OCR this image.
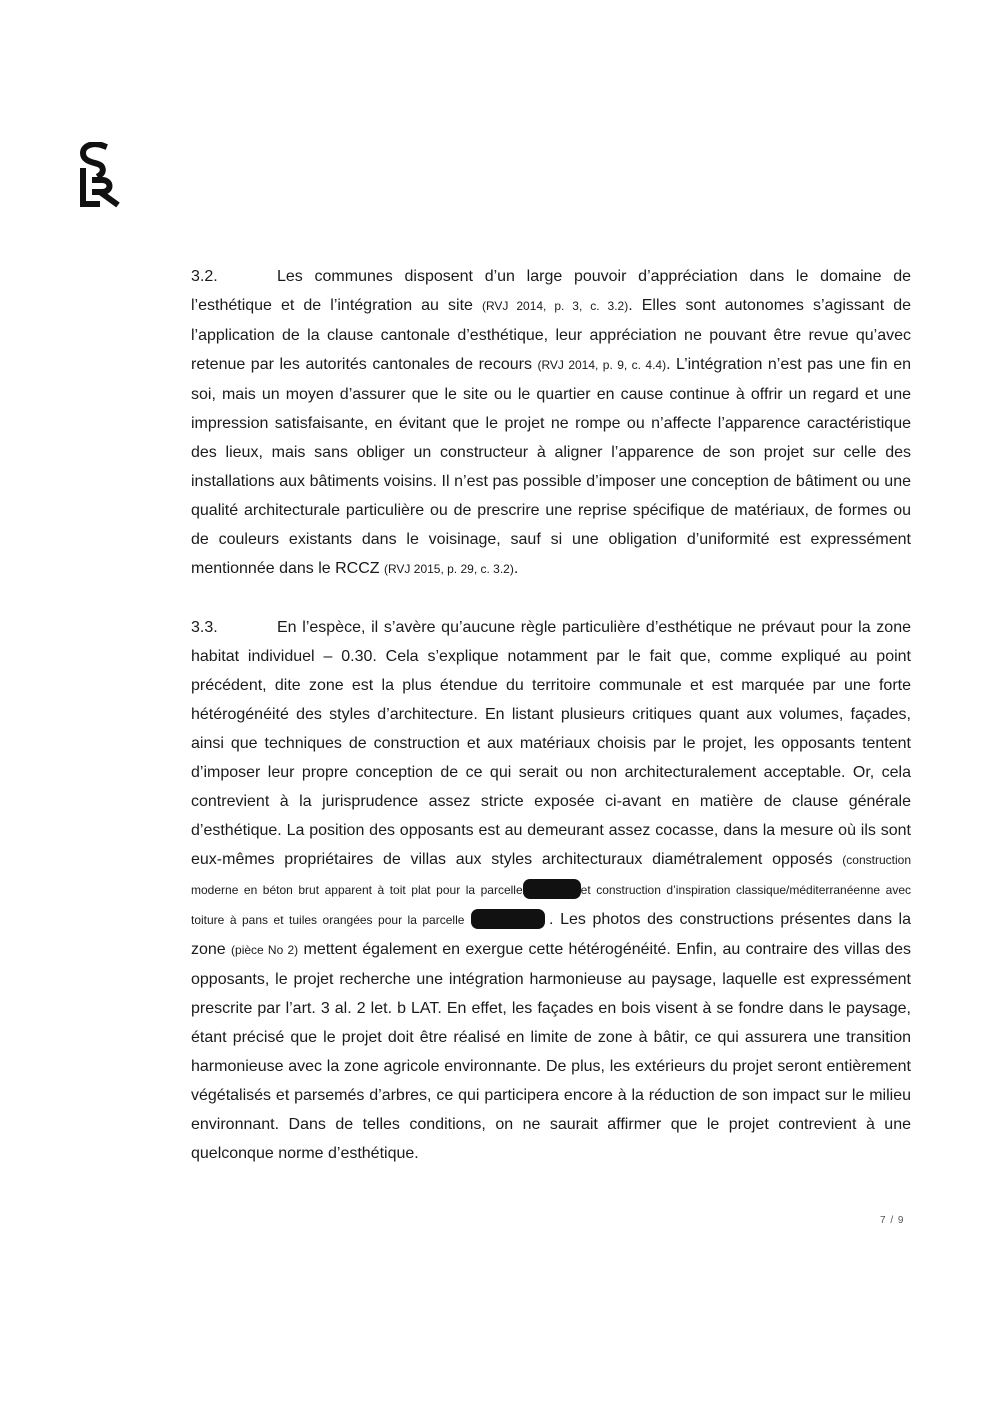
3.2.	Les communes disposent d’un large pouvoir d’appréciation dans le domaine de l’esthétique et de l’intégration au site (RVJ 2014, p. 3, c. 3.2). Elles sont autonomes s’agissant de l’application de la clause cantonale d’esthétique, leur appréciation ne pouvant être revue qu’avec retenue par les autorités cantonales de recours (RVJ 2014, p. 9, c. 4.4). L’intégration n’est pas une fin en soi, mais un moyen d’assurer que le site ou le quartier en cause continue à offrir un regard et une impression satisfaisante, en évitant que le projet ne rompe ou n’affecte l’apparence caractéristique des lieux, mais sans obliger un constructeur à aligner l’apparence de son projet sur celle des installations aux bâtiments voisins. Il n’est pas possible d’imposer une conception de bâtiment ou une qualité architecturale particulière ou de prescrire une reprise spécifique de matériaux, de formes ou de couleurs existants dans le voisinage, sauf si une obligation d’uniformité est expressément mentionnée dans le RCCZ (RVJ 2015, p. 29, c. 3.2).

3.3.	En l’espèce, il s’avère qu’aucune règle particulière d’esthétique ne prévaut pour la zone habitat individuel – 0.30. Cela s’explique notamment par le fait que, comme expliqué au point précédent, dite zone est la plus étendue du territoire communale et est marquée par une forte hétérogénéité des styles d’architecture. En listant plusieurs critiques quant aux volumes, façades, ainsi que techniques de construction et aux matériaux choisis par le projet, les opposants tentent d’imposer leur propre conception de ce qui serait ou non architecturalement acceptable. Or, cela contrevient à la jurisprudence assez stricte exposée ci-avant en matière de clause générale d’esthétique. La position des opposants est au demeurant assez cocasse, dans la mesure où ils sont eux-mêmes propriétaires de villas aux styles architecturaux diamétralement opposés (construction moderne en béton brut apparent à toit plat pour la parcelle	et construction d’inspiration classique/méditerranéenne avec toiture à pans et tuiles orangées pour la parcelle	. Les photos des constructions présentes dans la zone (pièce No 2) mettent également en exergue cette hétérogénéité. Enfin, au contraire des villas des opposants, le projet recherche une intégration harmonieuse au paysage, laquelle est expressément prescrite par l’art. 3 al. 2 let. b LAT. En effet, les façades en bois visent à se fondre dans le paysage, étant précisé que le projet doit être réalisé en limite de zone à bâtir, ce qui assurera une transition harmonieuse avec la zone agricole environnante. De plus, les extérieurs du projet seront entièrement végétalisés et parsemés d’arbres, ce qui participera encore à la réduction de son impact sur le milieu environnant. Dans de telles conditions, on ne saurait affirmer que le projet contrevient à une quelconque norme d’esthétique.

7 / 9
